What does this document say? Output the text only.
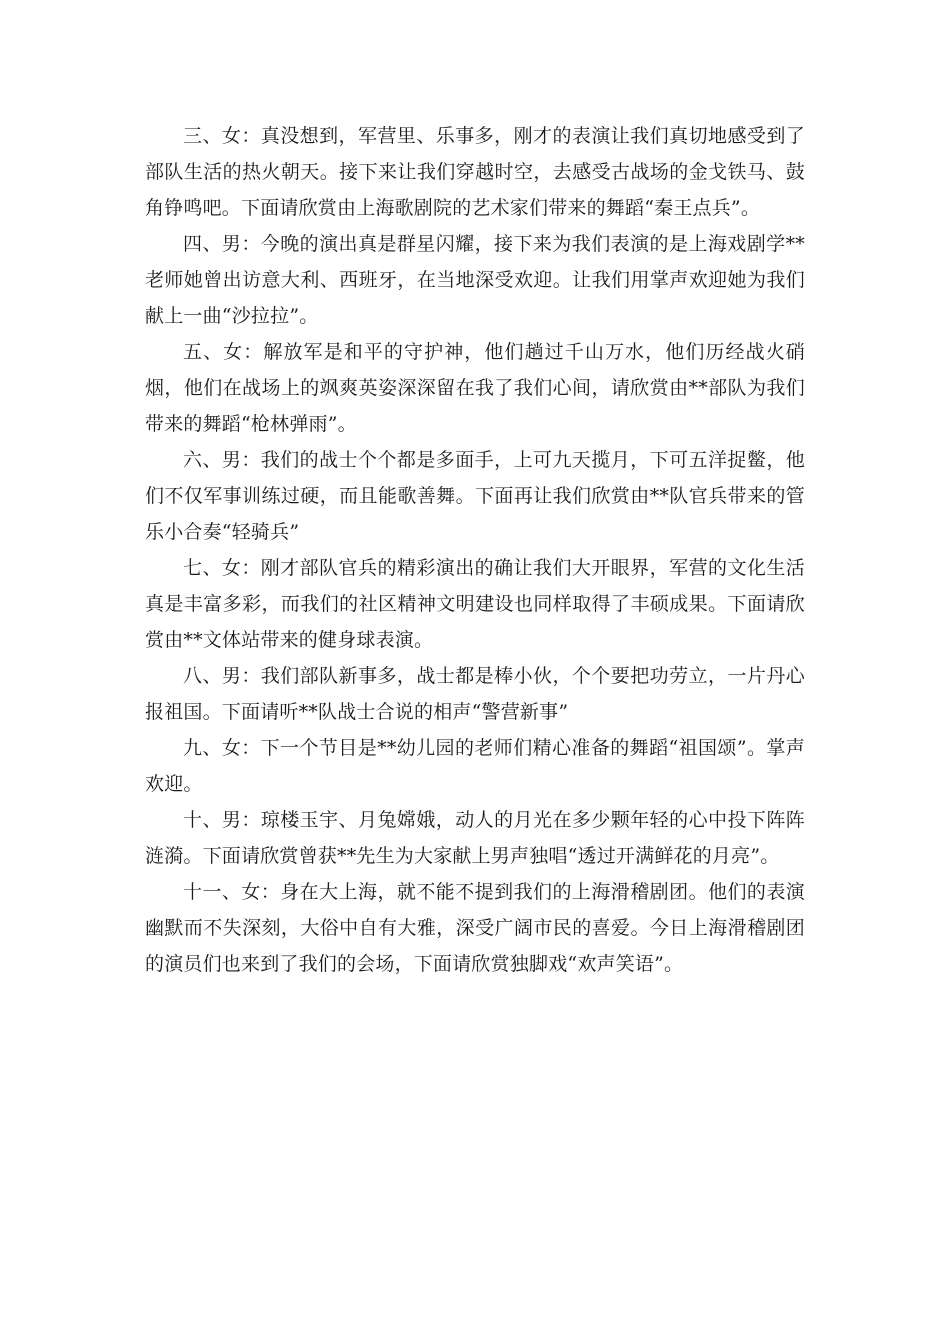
三、女：真没想到，军营里、乐事多，刚才的表演让我们真切地感受到了部队生活的热火朝天。接下来让我们穿越时空，去感受古战场的金戈铁马、鼓角铮鸣吧。下面请欣赏由上海歌剧院的艺术家们带来的舞蹈“秦王点兵”。

四、男：今晚的演出真是群星闪耀，接下来为我们表演的是上海戏剧学**老师她曾出访意大利、西班牙，在当地深受欢迎。让我们用掌声欢迎她为我们献上一曲“沙拉拉”。

五、女：解放军是和平的守护神，他们趟过千山万水，他们历经战火硝烟，他们在战场上的飒爽英姿深深留在我了我们心间，请欣赏由**部队为我们带来的舞蹈“枪林弹雨”。

六、男：我们的战士个个都是多面手，上可九天揽月，下可五洋捉鳖，他们不仅军事训练过硬，而且能歌善舞。下面再让我们欣赏由**队官兵带来的管乐小合奏“轻骑兵”

七、女：刚才部队官兵的精彩演出的确让我们大开眼界，军营的文化生活真是丰富多彩，而我们的社区精神文明建设也同样取得了丰硕成果。下面请欣赏由**文体站带来的健身球表演。

八、男：我们部队新事多，战士都是棒小伙，个个要把功劳立，一片丹心报祖国。下面请听**队战士合说的相声“警营新事”

九、女：下一个节目是**幼儿园的老师们精心准备的舞蹈“祖国颂”。掌声欢迎。

十、男：琼楼玉宇、月兔嫦娥，动人的月光在多少颗年轻的心中投下阵阵涟漪。下面请欣赏曾获**先生为大家献上男声独唱“透过开满鲜花的月亮”。

十一、女：身在大上海，就不能不提到我们的上海滑稽剧团。他们的表演幽默而不失深刻，大俗中自有大雅，深受广阔市民的喜爱。今日上海滑稽剧团的演员们也来到了我们的会场，下面请欣赏独脚戏“欢声笑语”。
